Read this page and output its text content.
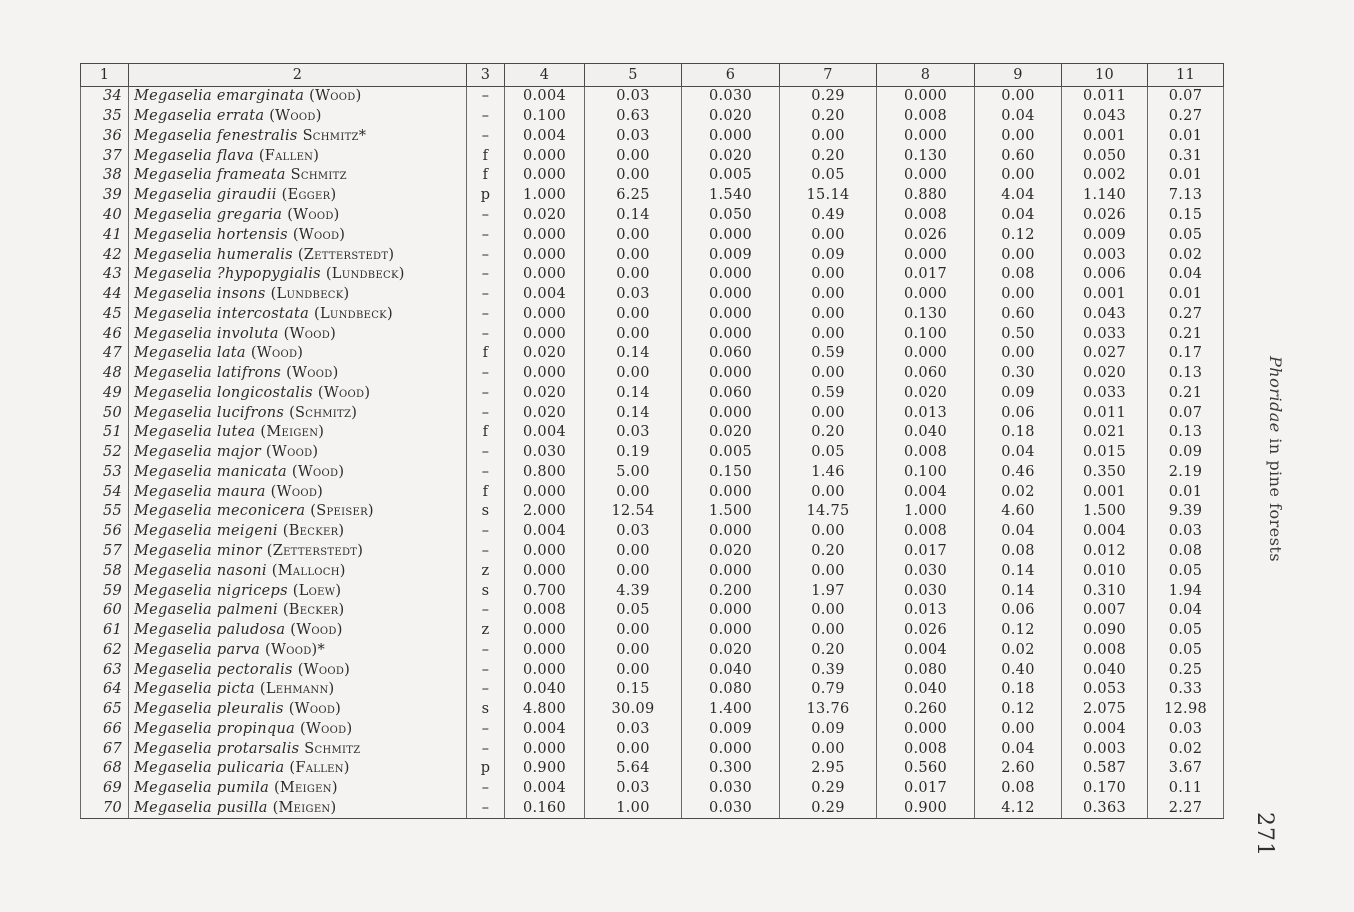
1	2	3	4	5	6	7	8	9	10	11
34	Megaselia emarginata (Wood)	–	0.004	0.03	0.030	0.29	0.000	0.00	0.011	0.07
35	Megaselia errata (Wood)	–	0.100	0.63	0.020	0.20	0.008	0.04	0.043	0.27
36	Megaselia fenestralis Schmitz*	–	0.004	0.03	0.000	0.00	0.000	0.00	0.001	0.01
37	Megaselia flava (Fallen)	f	0.000	0.00	0.020	0.20	0.130	0.60	0.050	0.31
38	Megaselia frameata Schmitz	f	0.000	0.00	0.005	0.05	0.000	0.00	0.002	0.01
39	Megaselia giraudii (Egger)	p	1.000	6.25	1.540	15.14	0.880	4.04	1.140	7.13
40	Megaselia gregaria (Wood)	–	0.020	0.14	0.050	0.49	0.008	0.04	0.026	0.15
41	Megaselia hortensis (Wood)	–	0.000	0.00	0.000	0.00	0.026	0.12	0.009	0.05
42	Megaselia humeralis (Zetterstedt)	–	0.000	0.00	0.009	0.09	0.000	0.00	0.003	0.02
43	Megaselia ?hypopygialis (Lundbeck)	–	0.000	0.00	0.000	0.00	0.017	0.08	0.006	0.04
44	Megaselia insons (Lundbeck)	–	0.004	0.03	0.000	0.00	0.000	0.00	0.001	0.01
45	Megaselia intercostata (Lundbeck)	–	0.000	0.00	0.000	0.00	0.130	0.60	0.043	0.27
46	Megaselia involuta (Wood)	–	0.000	0.00	0.000	0.00	0.100	0.50	0.033	0.21
47	Megaselia lata (Wood)	f	0.020	0.14	0.060	0.59	0.000	0.00	0.027	0.17
48	Megaselia latifrons (Wood)	–	0.000	0.00	0.000	0.00	0.060	0.30	0.020	0.13
49	Megaselia longicostalis (Wood)	–	0.020	0.14	0.060	0.59	0.020	0.09	0.033	0.21
50	Megaselia lucifrons (Schmitz)	–	0.020	0.14	0.000	0.00	0.013	0.06	0.011	0.07
51	Megaselia lutea (Meigen)	f	0.004	0.03	0.020	0.20	0.040	0.18	0.021	0.13
52	Megaselia major (Wood)	–	0.030	0.19	0.005	0.05	0.008	0.04	0.015	0.09
53	Megaselia manicata (Wood)	–	0.800	5.00	0.150	1.46	0.100	0.46	0.350	2.19
54	Megaselia maura (Wood)	f	0.000	0.00	0.000	0.00	0.004	0.02	0.001	0.01
55	Megaselia meconicera (Speiser)	s	2.000	12.54	1.500	14.75	1.000	4.60	1.500	9.39
56	Megaselia meigeni (Becker)	–	0.004	0.03	0.000	0.00	0.008	0.04	0.004	0.03
57	Megaselia minor (Zetterstedt)	–	0.000	0.00	0.020	0.20	0.017	0.08	0.012	0.08
58	Megaselia nasoni (Malloch)	z	0.000	0.00	0.000	0.00	0.030	0.14	0.010	0.05
59	Megaselia nigriceps (Loew)	s	0.700	4.39	0.200	1.97	0.030	0.14	0.310	1.94
60	Megaselia palmeni (Becker)	–	0.008	0.05	0.000	0.00	0.013	0.06	0.007	0.04
61	Megaselia paludosa (Wood)	z	0.000	0.00	0.000	0.00	0.026	0.12	0.090	0.05
62	Megaselia parva (Wood)*	–	0.000	0.00	0.020	0.20	0.004	0.02	0.008	0.05
63	Megaselia pectoralis (Wood)	–	0.000	0.00	0.040	0.39	0.080	0.40	0.040	0.25
64	Megaselia picta (Lehmann)	–	0.040	0.15	0.080	0.79	0.040	0.18	0.053	0.33
65	Megaselia pleuralis (Wood)	s	4.800	30.09	1.400	13.76	0.260	0.12	2.075	12.98
66	Megaselia propinqua (Wood)	–	0.004	0.03	0.009	0.09	0.000	0.00	0.004	0.03
67	Megaselia protarsalis Schmitz	–	0.000	0.00	0.000	0.00	0.008	0.04	0.003	0.02
68	Megaselia pulicaria (Fallen)	p	0.900	5.64	0.300	2.95	0.560	2.60	0.587	3.67
69	Megaselia pumila (Meigen)	–	0.004	0.03	0.030	0.29	0.017	0.08	0.170	0.11
70	Megaselia pusilla (Meigen)	–	0.160	1.00	0.030	0.29	0.900	4.12	0.363	2.27
Phoridae in pine forests
271
